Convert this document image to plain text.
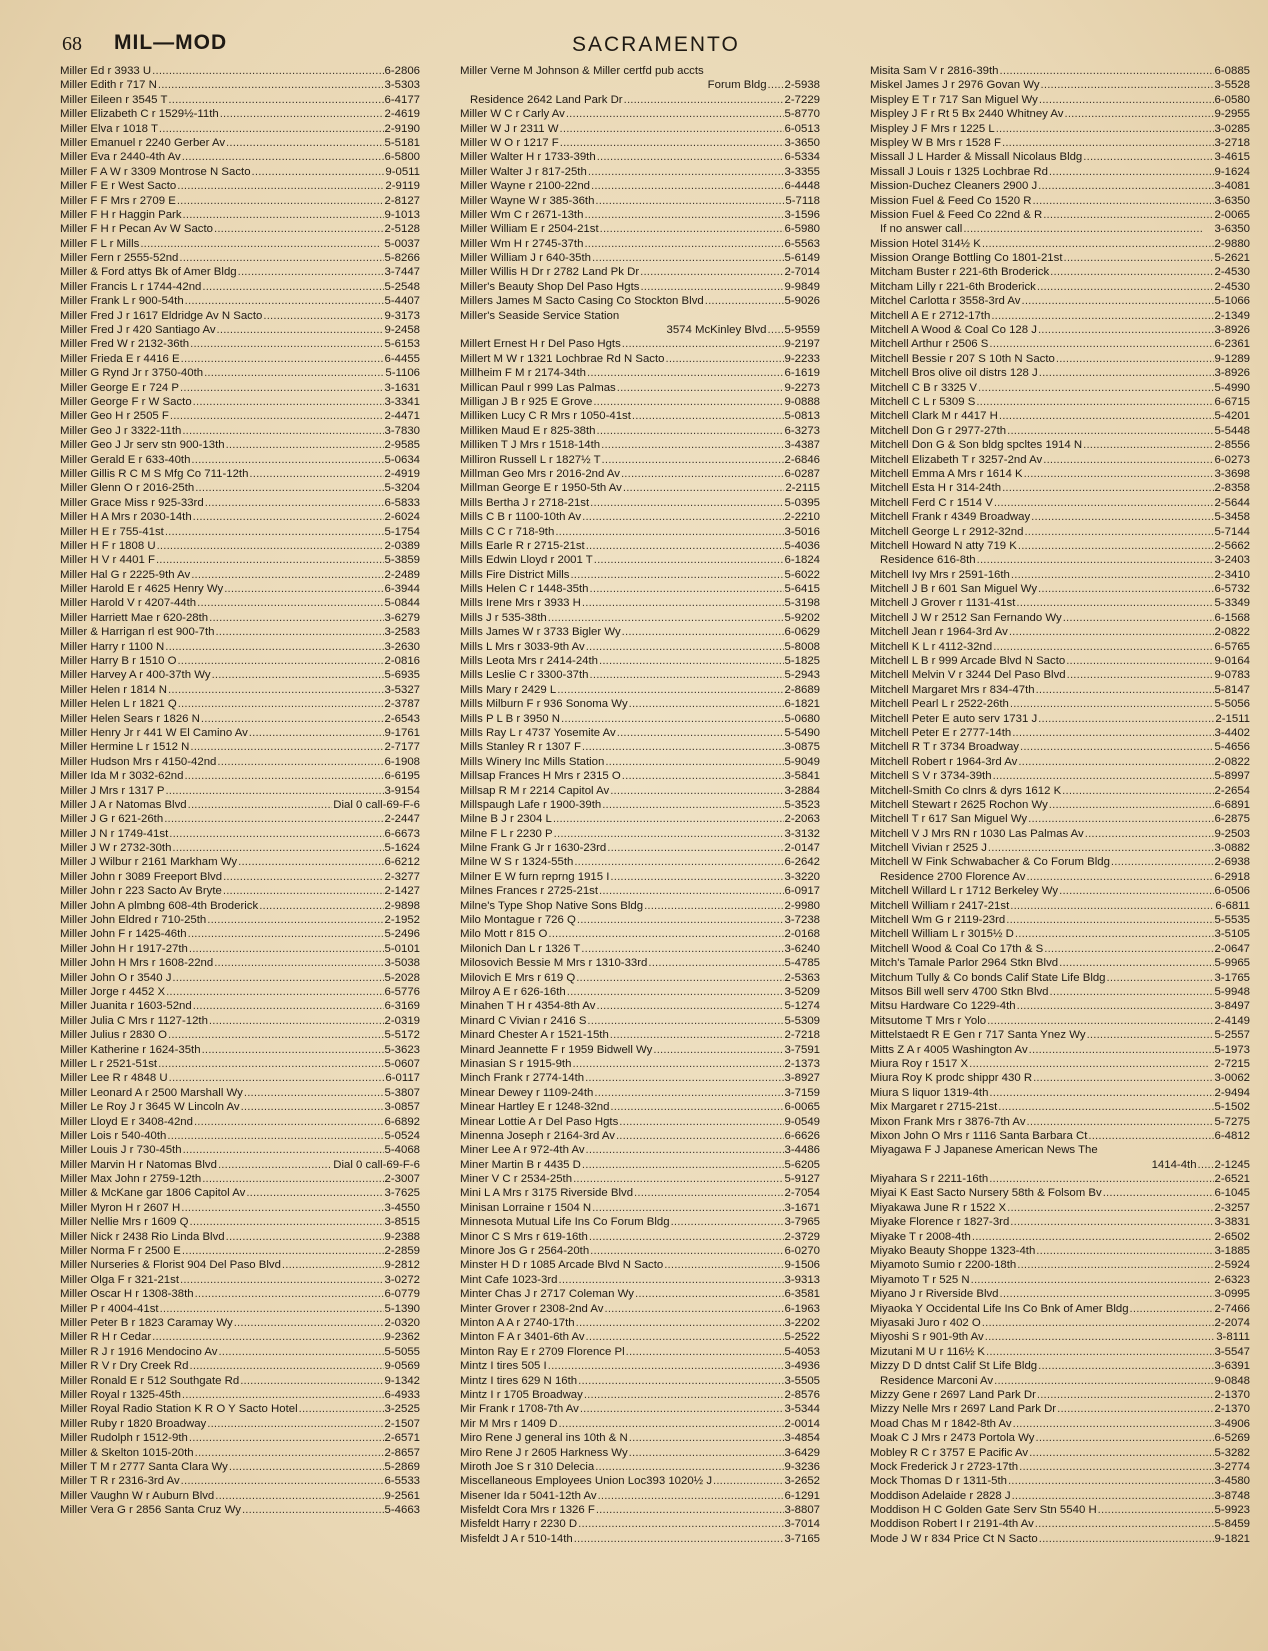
68 MIL—MOD	SACRAMENTO
Miller Ed r 3933 U . . .	6-2806
Miller Edith r 717 N . . .	3-5303
Miller Eileen r 3545 T . . .	6-4177
Miller Elizabeth C r 1529½-11th . . .	2-4619
Miller Elva r 1018 T . . .	2-9190
Miller Emanuel r 2240 Gerber Av . . .	5-5181
Miller Eva r 2440-4th Av . . .	6-5800
Miller F A W r 3309 Montrose N Sacto . . .	9-0511
Miller F E r West Sacto . . .	2-9119
Miller F F Mrs r 2709 E . . .	2-8127
Miller F H r Haggin Park . . .	9-1013
Miller F H r Pecan Av W Sacto . . .	2-5128
Miller F L r Mills . . .	5-0037
Miller Fern r 2555-52nd . . .	5-8266
Miller & Ford attys Bk of Amer Bldg . . .	3-7447
Miller Francis L r 1744-42nd . . .	5-2548
Miller Frank L r 900-54th . . .	5-4407
Miller Fred J r 1617 Eldridge Av N Sacto . . .	9-3173
Miller Fred J r 420 Santiago Av . . .	9-2458
Miller Fred W r 2132-36th . . .	5-6153
Miller Frieda E r 4416 E . . .	6-4455
Miller G Rynd Jr r 3750-40th . . .	5-1106
Miller George E r 724 P . . .	3-1631
Miller George F r W Sacto . . .	3-3341
Miller Geo H r 2505 F . . .	2-4471
Miller Geo J r 3322-11th . . .	3-7830
Miller Geo J Jr serv stn 900-13th . . .	2-9585
Miller Gerald E r 633-40th . . .	5-0634
Miller Gillis R C M S Mfg Co 711-12th . . .	2-4919
Miller Glenn O r 2016-25th . . .	5-3204
Miller Grace Miss r 925-33rd . . .	6-5833
Miller H A Mrs r 2030-14th . . .	2-6024
Miller H E r 755-41st . . .	5-1754
Miller H F r 1808 U . . .	2-0389
Miller H V r 4401 F . . .	5-3859
Miller Hal G r 2225-9th Av . . .	2-2489
Miller Harold E r 4625 Henry Wy . . .	6-3944
Miller Harold V r 4207-44th . . .	5-0844
Miller Harriett Mae r 620-28th . . .	3-6279
Miller & Harrigan rl est 900-7th . . .	3-2583
Miller Harry r 1100 N . . .	3-2630
Miller Harry B r 1510 O . . .	2-0816
Miller Harvey A r 400-37th Wy . . .	5-6935
Miller Helen r 1814 N . . .	3-5327
Miller Helen L r 1821 Q . . .	2-3787
Miller Helen Sears r 1826 N . . .	2-6543
Miller Henry Jr r 441 W El Camino Av . . .	9-1761
Miller Hermine L r 1512 N . . .	2-7177
Miller Hudson Mrs r 4150-42nd . . .	6-1908
Miller Ida M r 3032-62nd . . .	6-6195
Miller J Mrs r 1317 P . . .	3-9154
Miller J A r Natomas Blvd . . .	Dial 0 call-69-F-6
Miller J G r 621-26th . . .	2-2447
Miller J N r 1749-41st . . .	6-6673
Miller J W r 2732-30th . . .	5-1624
Miller J Wilbur r 2161 Markham Wy . . .	6-6212
Miller John r 3089 Freeport Blvd . . .	2-3277
Miller John r 223 Sacto Av Bryte . . .	2-1427
Miller John A plmbng 608-4th Broderick . . .	2-9898
Miller John Eldred r 710-25th . . .	2-1952
Miller John F r 1425-46th . . .	5-2496
Miller John H r 1917-27th . . .	5-0101
Miller John H Mrs r 1608-22nd . . .	3-5038
Miller John O r 3540 J . . .	5-2028
Miller Jorge r 4452 X . . .	6-5776
Miller Juanita r 1603-52nd . . .	6-3169
Miller Julia C Mrs r 1127-12th . . .	2-0319
Miller Julius r 2830 O . . .	5-5172
Miller Katherine r 1624-35th . . .	5-3623
Miller L r 2521-51st . . .	5-0607
Miller Lee R r 4848 U . . .	6-0117
Miller Leonard A r 2500 Marshall Wy . . .	5-3807
Miller Le Roy J r 3645 W Lincoln Av . . .	3-0857
Miller Lloyd E r 3408-42nd . . .	6-6892
Miller Lois r 540-40th . . .	5-0524
Miller Louis J r 730-45th . . .	5-4068
Miller Marvin H r Natomas Blvd . . .	Dial 0 call-69-F-6
Miller Max John r 2759-12th . . .	2-3007
Miller & McKane gar 1806 Capitol Av . . .	3-7625
Miller Myron H r 2607 H . . .	3-4550
Miller Nellie Mrs r 1609 Q . . .	3-8515
Miller Nick r 2438 Rio Linda Blvd . . .	9-2388
Miller Norma F r 2500 E . . .	2-2859
Miller Nurseries & Florist 904 Del Paso Blvd . . .	9-2812
Miller Olga F r 321-21st . . .	3-0272
Miller Oscar H r 1308-38th . . .	6-0779
Miller P r 4004-41st . . .	5-1390
Miller Peter B r 1823 Caramay Wy . . .	2-0320
Miller R H r Cedar . . .	9-2362
Miller R J r 1916 Mendocino Av . . .	5-5055
Miller R V r Dry Creek Rd . . .	9-0569
Miller Ronald E r 512 Southgate Rd . . .	9-1342
Miller Royal r 1325-45th . . .	6-4933
Miller Royal Radio Station K R O Y Sacto Hotel . . .	3-2525
Miller Ruby r 1820 Broadway . . .	2-1507
Miller Rudolph r 1512-9th . . .	2-6571
Miller & Skelton 1015-20th . . .	2-8657
Miller T M r 2777 Santa Clara Wy . . .	5-2869
Miller T R r 2316-3rd Av . . .	6-5533
Miller Vaughn W r Auburn Blvd . . .	9-2561
Miller Vera G r 2856 Santa Cruz Wy . . .	5-4663
Miller Verne M Johnson & Miller certfd pub accts
Forum Bldg . . . 2-5938
Residence 2642 Land Park Dr . . .	2-7229
Miller W C r Carly Av . . .	5-8770
Miller W J r 2311 W . . .	6-0513
Miller W O r 1217 F . . .	3-3650
Miller Walter H r 1733-39th . . .	6-5334
Miller Walter J r 817-25th . . .	3-3355
Miller Wayne r 2100-22nd . . .	6-4448
Miller Wayne W r 385-36th . . .	5-7118
Miller Wm C r 2671-13th . . .	3-1596
Miller William E r 2504-21st . . .	6-5980
Miller Wm H r 2745-37th . . .	6-5563
Miller William J r 640-35th . . .	5-6149
Miller Willis H Dr r 2782 Land Pk Dr . . .	2-7014
Miller's Beauty Shop Del Paso Hgts . . .	9-9849
Millers James M Sacto Casing Co Stockton Blvd . . .	5-9026
Miller's Seaside Service Station
3574 McKinley Blvd . . . 5-9559
Millert Ernest H r Del Paso Hgts . . .	9-2197
Millert M W r 1321 Lochbrae Rd N Sacto . . .	9-2233
Millheim F M r 2174-34th . . .	6-1619
Millican Paul r 999 Las Palmas . . .	9-2273
Milligan J B r 925 E Grove . . .	9-0888
Milliken Lucy C R Mrs r 1050-41st . . .	5-0813
Milliken Maud E r 825-38th . . .	6-3273
Milliken T J Mrs r 1518-14th . . .	3-4387
Milliron Russell L r 1827½ T . . .	2-6846
Millman Geo Mrs r 2016-2nd Av . . .	6-0287
Millman George E r 1950-5th Av . . .	2-2115
Mills Bertha J r 2718-21st . . .	5-0395
Mills C B r 1100-10th Av . . .	2-2210
Mills C C r 718-9th . . .	3-5016
Mills Earle R r 2715-21st . . .	5-4036
Mills Edwin Lloyd r 2001 T . . .	6-1824
Mills Fire District Mills . . .	5-6022
Mills Helen C r 1448-35th . . .	5-6415
Mills Irene Mrs r 3933 H . . .	5-3198
Mills J r 535-38th . . .	5-9202
Mills James W r 3733 Bigler Wy . . .	6-0629
Mills L Mrs r 3033-9th Av . . .	5-8008
Mills Leota Mrs r 2414-24th . . .	5-1825
Mills Leslie C r 3300-37th . . .	5-2943
Mills Mary r 2429 L . . .	2-8689
Mills Milburn F r 936 Sonoma Wy . . .	6-1821
Mills P L B r 3950 N . . .	5-0680
Mills Ray L r 4737 Yosemite Av . . .	5-5490
Mills Stanley R r 1307 F . . .	3-0875
Mills Winery Inc Mills Station . . .	5-9049
Millsap Frances H Mrs r 2315 O . . .	3-5841
Millsap R M r 2214 Capitol Av . . .	3-2884
Millspaugh Lafe r 1900-39th . . .	5-3523
Milne B J r 2304 L . . .	2-2063
Milne F L r 2230 P . . .	3-3132
Milne Frank G Jr r 1630-23rd . . .	2-0147
Milne W S r 1324-55th . . .	6-2642
Milner E W furn reprng 1915 I . . .	3-3220
Milnes Frances r 2725-21st . . .	6-0917
Milne's Type Shop Native Sons Bldg . . .	2-9980
Milo Montague r 726 Q . . .	3-7238
Milo Mott r 815 O . . .	2-0168
Milonich Dan L r 1326 T . . .	3-6240
Milosovich Bessie M Mrs r 1310-33rd . . .	5-4785
Milovich E Mrs r 619 Q . . .	2-5363
Milroy A E r 626-16th . . .	3-5209
Minahen T H r 4354-8th Av . . .	5-1274
Minard C Vivian r 2416 S . . .	5-5309
Minard Chester A r 1521-15th . . .	2-7218
Minard Jeannette F r 1959 Bidwell Wy . . .	3-7591
Minasian S r 1915-9th . . .	2-1373
Minch Frank r 2774-14th . . .	3-8927
Minear Dewey r 1109-24th . . .	3-7159
Minear Hartley E r 1248-32nd . . .	6-0065
Minear Lottie A r Del Paso Hgts . . .	9-0549
Minenna Joseph r 2164-3rd Av . . .	6-6626
Miner Lee A r 972-4th Av . . .	3-4486
Miner Martin B r 4435 D . . .	5-6205
Miner V C r 2534-25th . . .	5-9127
Mini L A Mrs r 3175 Riverside Blvd . . .	2-7054
Minisan Lorraine r 1504 N . . .	3-1671
Minnesota Mutual Life Ins Co Forum Bldg . . .	3-7965
Minor C S Mrs r 619-16th . . .	2-3729
Minore Jos G r 2564-20th . . .	6-0270
Minster H D r 1085 Arcade Blvd N Sacto . . .	9-1506
Mint Cafe 1023-3rd . . .	3-9313
Minter Chas J r 2717 Coleman Wy . . .	6-3581
Minter Grover r 2308-2nd Av . . .	6-1963
Minton A A r 2740-17th . . .	3-2202
Minton F A r 3401-6th Av . . .	5-2522
Minton Ray E r 2709 Florence Pl . . .	5-4053
Mintz I tires 505 I . . .	3-4936
Mintz I tires 629 N 16th . . .	3-5505
Mintz I r 1705 Broadway . . .	2-8576
Mir Frank r 1708-7th Av . . .	3-5344
Mir M Mrs r 1409 D . . .	2-0014
Miro Rene J general ins 10th & N . . .	3-4854
Miro Rene J r 2605 Harkness Wy . . .	3-6429
Miroth Joe S r 310 Delecia . . .	9-3236
Miscellaneous Employees Union Loc393 1020½ J . . .	3-2652
Misener Ida r 5041-12th Av . . .	6-1291
Misfeldt Cora Mrs r 1326 F . . .	3-8807
Misfeldt Harry r 2230 D . . .	3-7014
Misfeldt J A r 510-14th . . .	3-7165
Misita Sam V r 2816-39th . . .	6-0885
Miskel James J r 2976 Govan Wy . . .	3-5528
Mispley E T r 717 San Miguel Wy . . .	6-0580
Mispley J F r Rt 5 Bx 2440 Whitney Av . . .	9-2955
Mispley J F Mrs r 1225 L . . .	3-0285
Mispley W B Mrs r 1528 F . . .	3-2718
Missall J L Harder & Missall Nicolaus Bldg . . .	3-4615
Missall J Louis r 1325 Lochbrae Rd . . .	9-1624
Mission-Duchez Cleaners 2900 J . . .	3-4081
Mission Fuel & Feed Co 1520 R . . .	3-6350
Mission Fuel & Feed Co 22nd & R . . .	2-0065
If no answer call . . .	3-6350
Mission Hotel 314½ K . . .	2-9880
Mission Orange Bottling Co 1801-21st . . .	5-2621
Mitcham Buster r 221-6th Broderick . . .	2-4530
Mitcham Lilly r 221-6th Broderick . . .	2-4530
Mitchel Carlotta r 3558-3rd Av . . .	5-1066
Mitchell A E r 2712-17th . . .	2-1349
Mitchell A Wood & Coal Co 128 J . . .	3-8926
Mitchell Arthur r 2506 S . . .	6-2361
Mitchell Bessie r 207 S 10th N Sacto . . .	9-1289
Mitchell Bros olive oil distrs 128 J . . .	3-8926
Mitchell C B r 3325 V . . .	5-4990
Mitchell C L r 5309 S . . .	6-6715
Mitchell Clark M r 4417 H . . .	5-4201
Mitchell Don G r 2977-27th . . .	5-5448
Mitchell Don G & Son bldg spcltes 1914 N . . .	2-8556
Mitchell Elizabeth T r 3257-2nd Av . . .	6-0273
Mitchell Emma A Mrs r 1614 K . . .	3-3698
Mitchell Esta H r 314-24th . . .	2-8358
Mitchell Ferd C r 1514 V . . .	2-5644
Mitchell Frank r 4349 Broadway . . .	5-3458
Mitchell George L r 2912-32nd . . .	5-7144
Mitchell Howard N atty 719 K . . .	2-5662
Residence 616-8th . . .	3-2403
Mitchell Ivy Mrs r 2591-16th . . .	2-3410
Mitchell J B r 601 San Miguel Wy . . .	6-5732
Mitchell J Grover r 1131-41st . . .	5-3349
Mitchell J W r 2512 San Fernando Wy . . .	6-1568
Mitchell Jean r 1964-3rd Av . . .	2-0822
Mitchell K L r 4112-32nd . . .	6-5765
Mitchell L B r 999 Arcade Blvd N Sacto . . .	9-0164
Mitchell Melvin V r 3244 Del Paso Blvd . . .	9-0783
Mitchell Margaret Mrs r 834-47th . . .	5-8147
Mitchell Pearl L r 2522-26th . . .	5-5056
Mitchell Peter E auto serv 1731 J . . .	2-1511
Mitchell Peter E r 2777-14th . . .	3-4402
Mitchell R T r 3734 Broadway . . .	5-4656
Mitchell Robert r 1964-3rd Av . . .	2-0822
Mitchell S V r 3734-39th . . .	5-8997
Mitchell-Smith Co clnrs & dyrs 1612 K . . .	2-2654
Mitchell Stewart r 2625 Rochon Wy . . .	6-6891
Mitchell T r 617 San Miguel Wy . . .	6-2875
Mitchell V J Mrs RN r 1030 Las Palmas Av . . .	9-2503
Mitchell Vivian r 2525 J . . .	3-0882
Mitchell W Fink Schwabacher & Co Forum Bldg . . .	2-6938
Residence 2700 Florence Av . . .	6-2918
Mitchell Willard L r 1712 Berkeley Wy . . .	6-0506
Mitchell William r 2417-21st . . .	6-6811
Mitchell Wm G r 2119-23rd . . .	5-5535
Mitchell William L r 3015½ D . . .	3-5105
Mitchell Wood & Coal Co 17th & S . . .	2-0647
Mitch's Tamale Parlor 2964 Stkn Blvd . . .	5-9965
Mitchum Tully & Co bonds Calif State Life Bldg . . .	3-1765
Mitsos Bill well serv 4700 Stkn Blvd . . .	5-9948
Mitsu Hardware Co 1229-4th . . .	3-8497
Mitsutome T Mrs r Yolo . . .	2-4149
Mittelstaedt R E Gen r 717 Santa Ynez Wy . . .	5-2557
Mitts Z A r 4005 Washington Av . . .	5-1973
Miura Roy r 1517 X . . .	2-7215
Miura Roy K prodc shippr 430 R . . .	3-0062
Miura S liquor 1319-4th . . .	2-9494
Mix Margaret r 2715-21st . . .	5-1502
Mixon Frank Mrs r 3876-7th Av . . .	5-7275
Mixon John O Mrs r 1116 Santa Barbara Ct . . .	6-4812
Miyagawa F J Japanese American News The
1414-4th . . . 2-1245
Miyahara S r 2211-16th . . .	2-6521
Miyai K East Sacto Nursery 58th & Folsom Bv . . .	6-1045
Miyakawa June R r 1522 X . . .	2-3257
Miyake Florence r 1827-3rd . . .	3-3831
Miyake T r 2008-4th . . .	2-6502
Miyako Beauty Shoppe 1323-4th . . .	3-1885
Miyamoto Sumio r 2200-18th . . .	2-5924
Miyamoto T r 525 N . . .	2-6323
Miyano J r Riverside Blvd . . .	3-0995
Miyaoka Y Occidental Life Ins Co Bnk of Amer Bldg . . .	2-7466
Miyasaki Juro r 402 O . . .	2-2074
Miyoshi S r 901-9th Av . . .	3-8111
Mizutani M U r 116½ K . . .	3-5547
Mizzy D D dntst Calif St Life Bldg . . .	3-6391
Residence Marconi Av . . .	9-0848
Mizzy Gene r 2697 Land Park Dr . . .	2-1370
Mizzy Nelle Mrs r 2697 Land Park Dr . . .	2-1370
Moad Chas M r 1842-8th Av . . .	3-4906
Moak C J Mrs r 2473 Portola Wy . . .	6-5269
Mobley R C r 3757 E Pacific Av . . .	5-3282
Mock Frederick J r 2723-17th . . .	3-2774
Mock Thomas D r 1311-5th . . .	3-4580
Moddison Adelaide r 2828 J . . .	3-8748
Moddison H C Golden Gate Serv Stn 5540 H . . .	5-9923
Moddison Robert I r 2191-4th Av . . .	5-8459
Mode J W r 834 Price Ct N Sacto . . .	9-1821
